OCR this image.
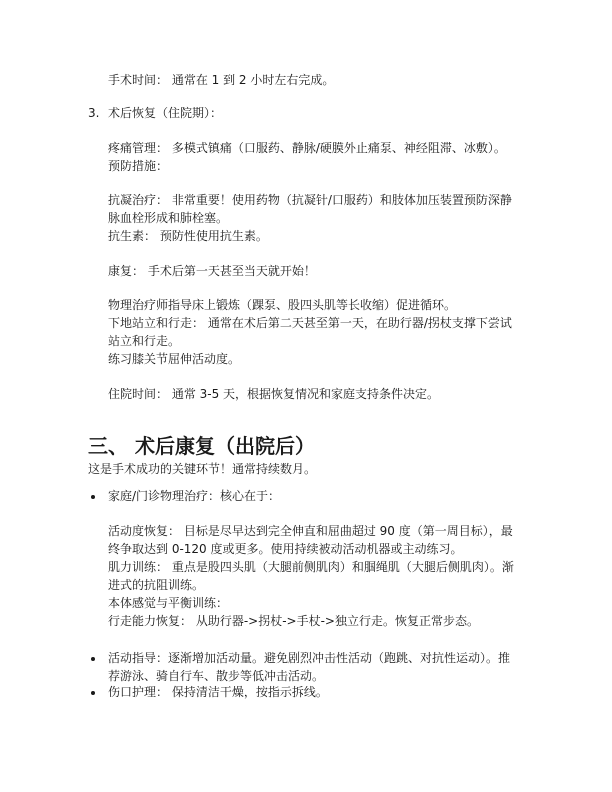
手术时间： 通常在 1 到 2 小时左右完成。
3. 术后恢复（住院期）：
疼痛管理： 多模式镇痛（口服药、静脉/硬膜外止痛泵、神经阻滞、冰敷）。
预防措施：
抗凝治疗： 非常重要！使用药物（抗凝针/口服药）和肢体加压装置预防深静
脉血栓形成和肺栓塞。
抗生素： 预防性使用抗生素。
康复： 手术后第一天甚至当天就开始！
物理治疗师指导床上锻炼（踝泵、股四头肌等长收缩）促进循环。
下地站立和行走： 通常在术后第二天甚至第一天，在助行器/拐杖支撑下尝试
站立和行走。
练习膝关节屈伸活动度。
住院时间： 通常 3-5 天，根据恢复情况和家庭支持条件决定。
三、 术后康复（出院后）
这是手术成功的关键环节！通常持续数月。
家庭/门诊物理治疗：核心在于：
活动度恢复： 目标是尽早达到完全伸直和屈曲超过 90 度（第一周目标），最
终争取达到 0-120 度或更多。使用持续被动活动机器或主动练习。
肌力训练： 重点是股四头肌（大腿前侧肌肉）和腘绳肌（大腿后侧肌肉）。渐
进式的抗阻训练。
本体感觉与平衡训练：
行走能力恢复： 从助行器->拐杖->手杖->独立行走。恢复正常步态。
活动指导：逐渐增加活动量。避免剧烈冲击性活动（跑跳、对抗性运动）。推
荐游泳、骑自行车、散步等低冲击活动。
伤口护理： 保持清洁干燥，按指示拆线。
